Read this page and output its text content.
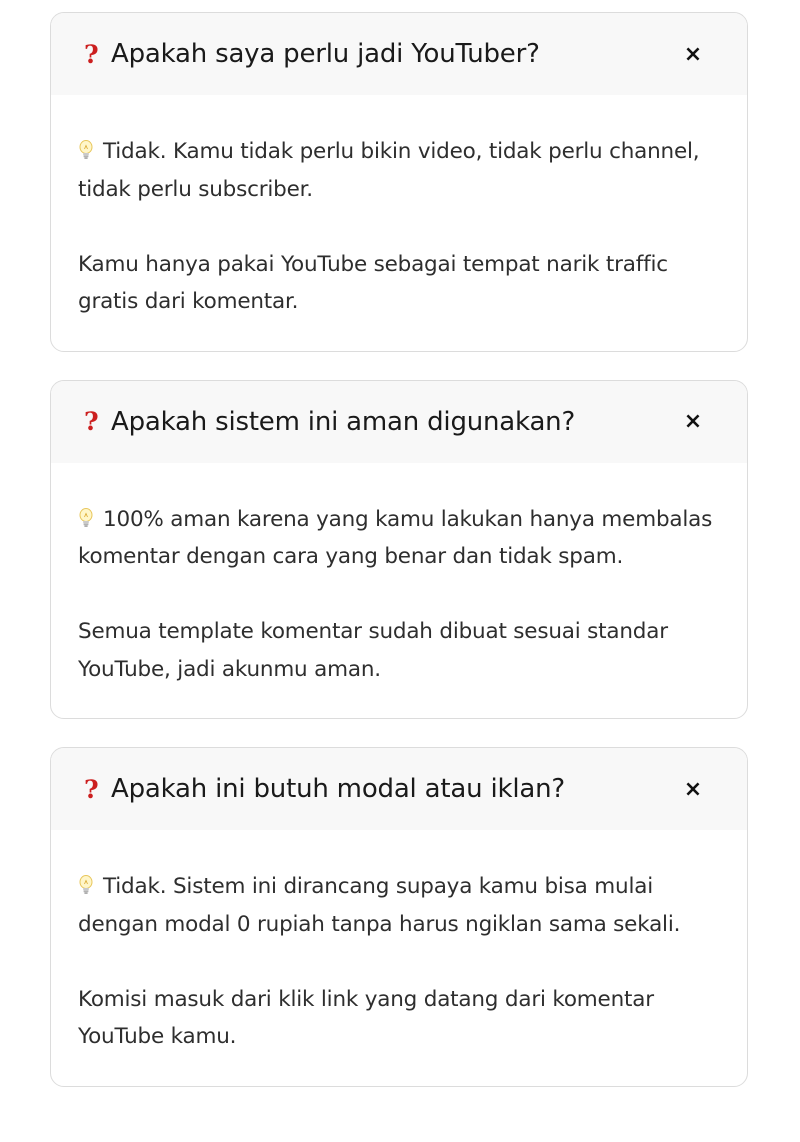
? Apakah saya perlu jadi YouTuber?	×

Tidak. Kamu tidak perlu bikin video, tidak perlu channel, tidak perlu subscriber.

Kamu hanya pakai YouTube sebagai tempat narik traffic gratis dari komentar.

? Apakah sistem ini aman digunakan?	×

100% aman karena yang kamu lakukan hanya membalas komentar dengan cara yang benar dan tidak spam.

Semua template komentar sudah dibuat sesuai standar YouTube, jadi akunmu aman.

? Apakah ini butuh modal atau iklan?	×

Tidak. Sistem ini dirancang supaya kamu bisa mulai dengan modal 0 rupiah tanpa harus ngiklan sama sekali.

Komisi masuk dari klik link yang datang dari komentar YouTube kamu.
